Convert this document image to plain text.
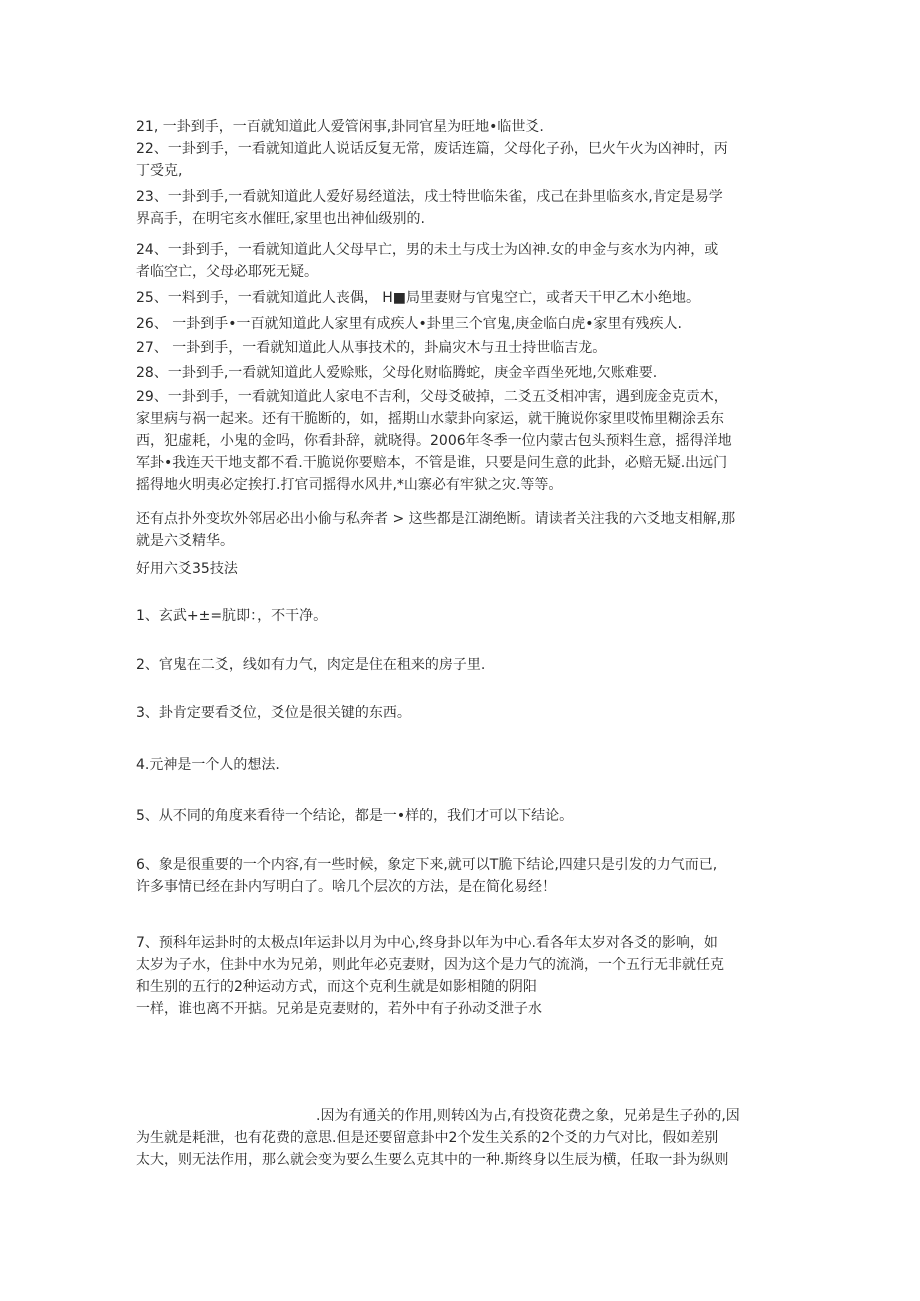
21, 一卦到手，一百就知道此人爱管闲事,卦同官星为旺地•临世爻.
22、一卦到手，一看就知道此人说话反复无常，废话连篇，父母化子孙，巳火午火为凶神时，丙
丁受克,
23、一卦到手,一看就知道此人爱好易经道法，戌士特世临朱雀，戌己在卦里临亥水,肯定是易学
界高手，在明宅亥水催旺,家里也出神仙级别的.
24、一卦到手，一看就知道此人父母早亡，男的未土与戌士为凶神.女的申金与亥水为内神，或
者临空亡，父母必耶死无疑。
25、一料到手，一看就知道此人丧偶， H■局里妻财与官鬼空亡，或者天干甲乙木小绝地。
26、 一卦到手•一百就知道此人家里有成疾人•卦里三个官鬼,庚金临白虎•家里有残疾人.
27、 一卦到手，一看就知道此人从事技术的，卦扁灾木与丑士持世临吉龙。
28、一卦到手,一看就知道此人爱赊账，父母化财临腾蛇，庚金辛酉坐死地,欠账难要.
29、一卦到手，一看就知道此人家电不吉利，父母爻破掉，二爻五爻相冲害，遇到庞金克贡木，
家里病与祸一起来。还有干脆断的，如，摇期山水蒙卦向家运，就干腌说你家里哎怖里糊涂丢东
西，犯虚耗，小鬼的金吗，你看卦辞，就晓得。2006年冬季一位内蒙古包头预料生意，摇得洋地
军卦•我连天干地支都不看.干脆说你要赔本，不管是谁，只要是问生意的此卦，必赔无疑.出远门
摇得地火明夷必定挨打.打官司摇得水风井,*山寨必有牢狱之灾.等等。
还有点扑外变坎外邻居必出小偷与私奔者 > 这些都是江湖绝断。请读者关注我的六爻地支相解,那
就是六爻精华。
好用六爻35技法
1、玄武+±=肮即：，不干净。
2、官鬼在二爻，线如有力气，肉定是住在租来的房子里.
3、卦肯定要看爻位，爻位是很关键的东西。
4.元神是一个人的想法.
5、从不同的角度来看待一个结论，都是一•样的，我们才可以下结论。
6、象是很重要的一个内容,有一些时候，象定下来,就可以T脆下结论,四建只是引发的力气而已,
许多事情已经在卦内写明白了。啥几个层次的方法，是在简化易经！
7、预科年运卦时的太极点I年运卦以月为中心,终身卦以年为中心.看各年太岁对各爻的影响，如
太岁为子水，住卦中水为兄弟，则此年必克妻财，因为这个是力气的流淌，一个五行无非就任克
和生别的五行的2种运动方式，而这个克利生就是如影相随的阴阳
一样，谁也离不开掂。兄弟是克妻财的，若外中有子孙动爻泄子水
.因为有通关的作用,则转凶为占,有投资花费之象，兄弟是生子孙的,因
为生就是耗泄，也有花费的意思.但是还要留意卦中2个发生关系的2个爻的力气对比，假如差别
太大，则无法作用，那么就会变为要么生要么克其中的一种.斯终身以生辰为横，任取一卦为纵则
